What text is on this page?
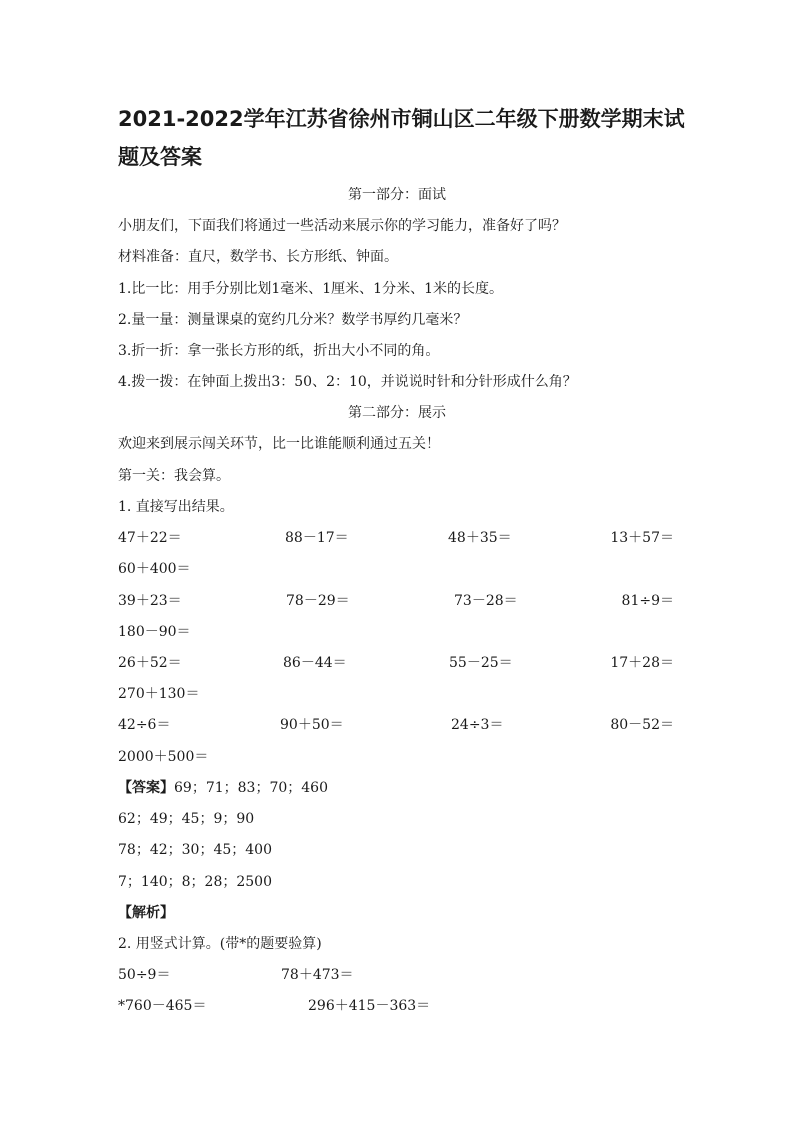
2021-2022学年江苏省徐州市铜山区二年级下册数学期末试
题及答案
第一部分：面试
小朋友们，下面我们将通过一些活动来展示你的学习能力，准备好了吗？
材料准备：直尺，数学书、长方形纸、钟面。
1.比一比：用手分别比划1毫米、1厘米、1分米、1米的长度。
2.量一量：测量课桌的宽约几分米？数学书厚约几毫米？
3.折一折：拿一张长方形的纸，折出大小不同的角。
4.拨一拨：在钟面上拨出3：50、2：10，并说说时针和分针形成什么角？
第二部分：展示
欢迎来到展示闯关环节，比一比谁能顺利通过五关！
第一关：我会算。
1. 直接写出结果。
47＋22＝	88－17＝	48＋35＝	13＋57＝
60＋400＝
39＋23＝	78－29＝	73－28＝	81÷9＝
180－90＝
26＋52＝	86－44＝	55－25＝	17＋28＝
270＋130＝
42÷6＝	90＋50＝	24÷3＝	80－52＝
2000＋500＝
【答案】69；71；83；70；460
62；49；45；9；90
78；42；30；45；400
7；140；8；28；2500
【解析】
2. 用竖式计算。(带*的题要验算)
50÷9＝	78＋473＝
*760－465＝	296＋415－363＝
